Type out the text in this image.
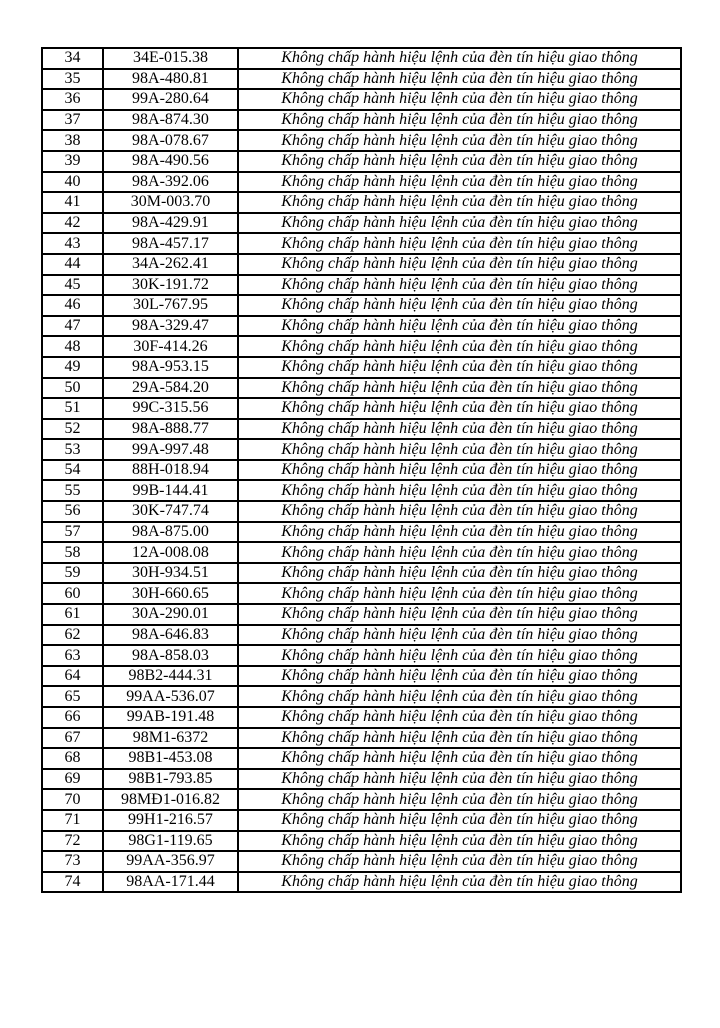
34	34E-015.38	Không chấp hành hiệu lệnh của đèn tín hiệu giao thông
35	98A-480.81	Không chấp hành hiệu lệnh của đèn tín hiệu giao thông
36	99A-280.64	Không chấp hành hiệu lệnh của đèn tín hiệu giao thông
37	98A-874.30	Không chấp hành hiệu lệnh của đèn tín hiệu giao thông
38	98A-078.67	Không chấp hành hiệu lệnh của đèn tín hiệu giao thông
39	98A-490.56	Không chấp hành hiệu lệnh của đèn tín hiệu giao thông
40	98A-392.06	Không chấp hành hiệu lệnh của đèn tín hiệu giao thông
41	30M-003.70	Không chấp hành hiệu lệnh của đèn tín hiệu giao thông
42	98A-429.91	Không chấp hành hiệu lệnh của đèn tín hiệu giao thông
43	98A-457.17	Không chấp hành hiệu lệnh của đèn tín hiệu giao thông
44	34A-262.41	Không chấp hành hiệu lệnh của đèn tín hiệu giao thông
45	30K-191.72	Không chấp hành hiệu lệnh của đèn tín hiệu giao thông
46	30L-767.95	Không chấp hành hiệu lệnh của đèn tín hiệu giao thông
47	98A-329.47	Không chấp hành hiệu lệnh của đèn tín hiệu giao thông
48	30F-414.26	Không chấp hành hiệu lệnh của đèn tín hiệu giao thông
49	98A-953.15	Không chấp hành hiệu lệnh của đèn tín hiệu giao thông
50	29A-584.20	Không chấp hành hiệu lệnh của đèn tín hiệu giao thông
51	99C-315.56	Không chấp hành hiệu lệnh của đèn tín hiệu giao thông
52	98A-888.77	Không chấp hành hiệu lệnh của đèn tín hiệu giao thông
53	99A-997.48	Không chấp hành hiệu lệnh của đèn tín hiệu giao thông
54	88H-018.94	Không chấp hành hiệu lệnh của đèn tín hiệu giao thông
55	99B-144.41	Không chấp hành hiệu lệnh của đèn tín hiệu giao thông
56	30K-747.74	Không chấp hành hiệu lệnh của đèn tín hiệu giao thông
57	98A-875.00	Không chấp hành hiệu lệnh của đèn tín hiệu giao thông
58	12A-008.08	Không chấp hành hiệu lệnh của đèn tín hiệu giao thông
59	30H-934.51	Không chấp hành hiệu lệnh của đèn tín hiệu giao thông
60	30H-660.65	Không chấp hành hiệu lệnh của đèn tín hiệu giao thông
61	30A-290.01	Không chấp hành hiệu lệnh của đèn tín hiệu giao thông
62	98A-646.83	Không chấp hành hiệu lệnh của đèn tín hiệu giao thông
63	98A-858.03	Không chấp hành hiệu lệnh của đèn tín hiệu giao thông
64	98B2-444.31	Không chấp hành hiệu lệnh của đèn tín hiệu giao thông
65	99AA-536.07	Không chấp hành hiệu lệnh của đèn tín hiệu giao thông
66	99AB-191.48	Không chấp hành hiệu lệnh của đèn tín hiệu giao thông
67	98M1-6372	Không chấp hành hiệu lệnh của đèn tín hiệu giao thông
68	98B1-453.08	Không chấp hành hiệu lệnh của đèn tín hiệu giao thông
69	98B1-793.85	Không chấp hành hiệu lệnh của đèn tín hiệu giao thông
70	98MĐ1-016.82	Không chấp hành hiệu lệnh của đèn tín hiệu giao thông
71	99H1-216.57	Không chấp hành hiệu lệnh của đèn tín hiệu giao thông
72	98G1-119.65	Không chấp hành hiệu lệnh của đèn tín hiệu giao thông
73	99AA-356.97	Không chấp hành hiệu lệnh của đèn tín hiệu giao thông
74	98AA-171.44	Không chấp hành hiệu lệnh của đèn tín hiệu giao thông
